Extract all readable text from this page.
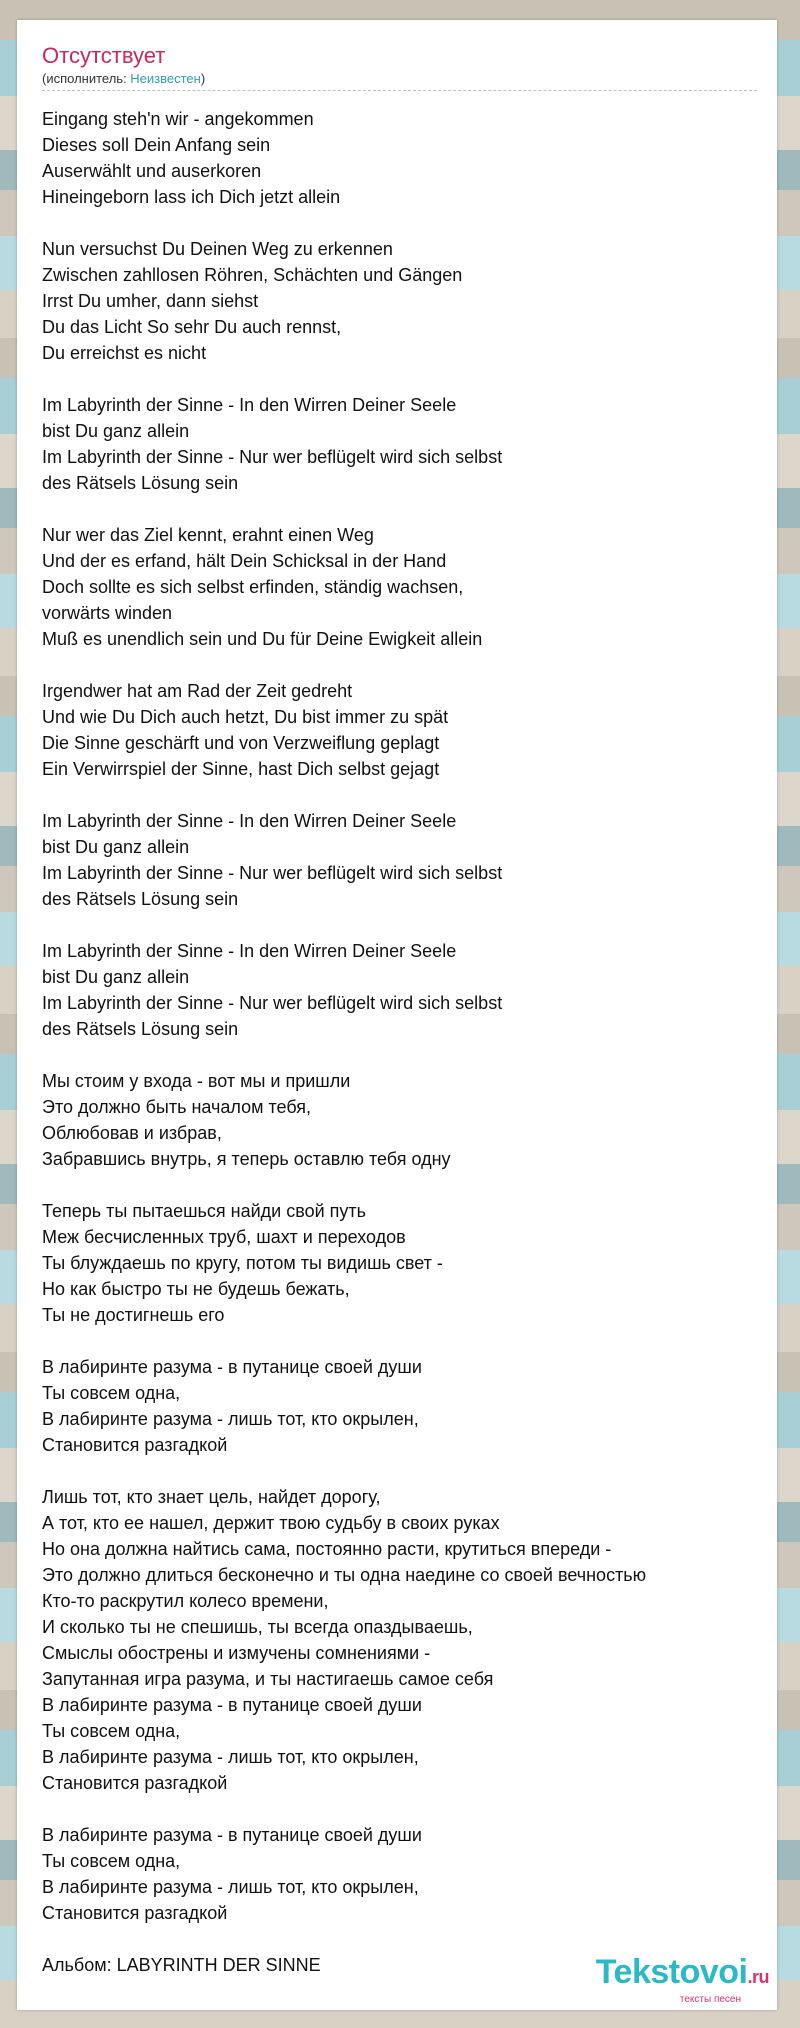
Отсутствует
(исполнитель: Неизвестен)
Eingang steh'n wir - angekommen
Dieses soll Dein Anfang sein
Auserwählt und auserkoren
Hineingeborn lass ich Dich jetzt allein
Nun versuchst Du Deinen Weg zu erkennen
Zwischen zahllosen Röhren, Schächten und Gängen
Irrst Du umher, dann siehst
Du das Licht So sehr Du auch rennst,
Du erreichst es nicht
Im Labyrinth der Sinne - In den Wirren Deiner Seele
bist Du ganz allein
Im Labyrinth der Sinne - Nur wer beflügelt wird sich selbst
des Rätsels Lösung sein
Nur wer das Ziel kennt, erahnt einen Weg
Und der es erfand, hält Dein Schicksal in der Hand
Doch sollte es sich selbst erfinden, ständig wachsen,
vorwärts winden
Muß es unendlich sein und Du für Deine Ewigkeit allein
Irgendwer hat am Rad der Zeit gedreht
Und wie Du Dich auch hetzt, Du bist immer zu spät
Die Sinne geschärft und von Verzweiflung geplagt
Ein Verwirrspiel der Sinne, hast Dich selbst gejagt
Im Labyrinth der Sinne - In den Wirren Deiner Seele
bist Du ganz allein
Im Labyrinth der Sinne - Nur wer beflügelt wird sich selbst
des Rätsels Lösung sein
Im Labyrinth der Sinne - In den Wirren Deiner Seele
bist Du ganz allein
Im Labyrinth der Sinne - Nur wer beflügelt wird sich selbst
des Rätsels Lösung sein
Мы стоим у входа - вот мы и пришли
Это должно быть началом тебя,
Облюбовав и избрав,
Забравшись внутрь, я теперь оставлю тебя одну
Теперь ты пытаешься найди свой путь
Меж бесчисленных труб, шахт и переходов
Ты блуждаешь по кругу, потом ты видишь свет -
Но как быстро ты не будешь бежать,
Ты не достигнешь его
В лабиринте разума - в путанице своей души
Ты совсем одна,
В лабиринте разума - лишь тот, кто окрылен,
Становится разгадкой
Лишь тот, кто знает цель, найдет дорогу,
А тот, кто ее нашел, держит твою судьбу в своих руках
Но она должна найтись сама, постоянно расти, крутиться впереди -
Это должно длиться бесконечно и ты одна наедине со своей вечностью
Кто-то раскрутил колесо времени,
И сколько ты не спешишь, ты всегда опаздываешь,
Смыслы обострены и измучены сомнениями -
Запутанная игра разума, и ты настигаешь самое себя
В лабиринте разума - в путанице своей души
Ты совсем одна,
В лабиринте разума - лишь тот, кто окрылен,
Становится разгадкой
В лабиринте разума - в путанице своей души
Ты совсем одна,
В лабиринте разума - лишь тот, кто окрылен,
Становится разгадкой
Альбом: LABYRINTH DER SINNE	Tekstovoi.ru
тексты песен
